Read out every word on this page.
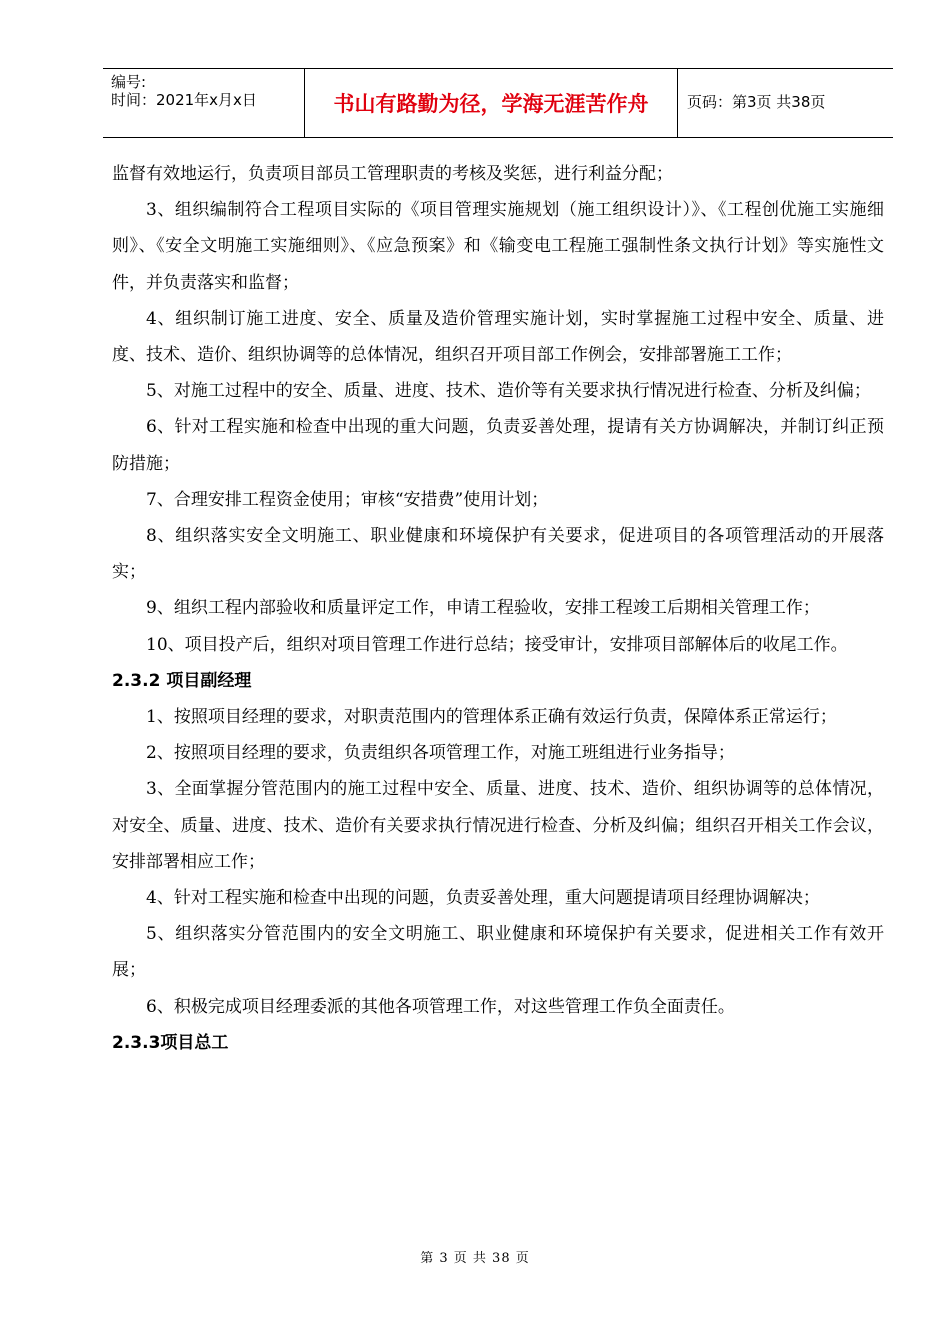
编号:
时间：2021年x月x日	书山有路勤为径，学海无涯苦作舟	页码：第3页 共38页

监督有效地运行，负责项目部员工管理职责的考核及奖惩，进行利益分配；

3、组织编制符合工程项目实际的《项目管理实施规划（施工组织设计）》、《工程创优施工实施细则》、《安全文明施工实施细则》、《应急预案》和《输变电工程施工强制性条文执行计划》等实施性文件，并负责落实和监督；

4、组织制订施工进度、安全、质量及造价管理实施计划，实时掌握施工过程中安全、质量、进度、技术、造价、组织协调等的总体情况，组织召开项目部工作例会，安排部署施工工作；

5、对施工过程中的安全、质量、进度、技术、造价等有关要求执行情况进行检查、分析及纠偏；

6、针对工程实施和检查中出现的重大问题，负责妥善处理，提请有关方协调解决，并制订纠正预防措施；

7、合理安排工程资金使用；审核“安措费”使用计划；

8、组织落实安全文明施工、职业健康和环境保护有关要求，促进项目的各项管理活动的开展落实；

9、组织工程内部验收和质量评定工作，申请工程验收，安排工程竣工后期相关管理工作；

10、项目投产后，组织对项目管理工作进行总结；接受审计，安排项目部解体后的收尾工作。

2.3.2 项目副经理

1、按照项目经理的要求，对职责范围内的管理体系正确有效运行负责，保障体系正常运行；

2、按照项目经理的要求，负责组织各项管理工作，对施工班组进行业务指导；

3、全面掌握分管范围内的施工过程中安全、质量、进度、技术、造价、组织协调等的总体情况，对安全、质量、进度、技术、造价有关要求执行情况进行检查、分析及纠偏；组织召开相关工作会议，安排部署相应工作；

4、针对工程实施和检查中出现的问题，负责妥善处理，重大问题提请项目经理协调解决；

5、组织落实分管范围内的安全文明施工、职业健康和环境保护有关要求，促进相关工作有效开展；

6、积极完成项目经理委派的其他各项管理工作，对这些管理工作负全面责任。

2.3.3项目总工

第 3 页 共 38 页
